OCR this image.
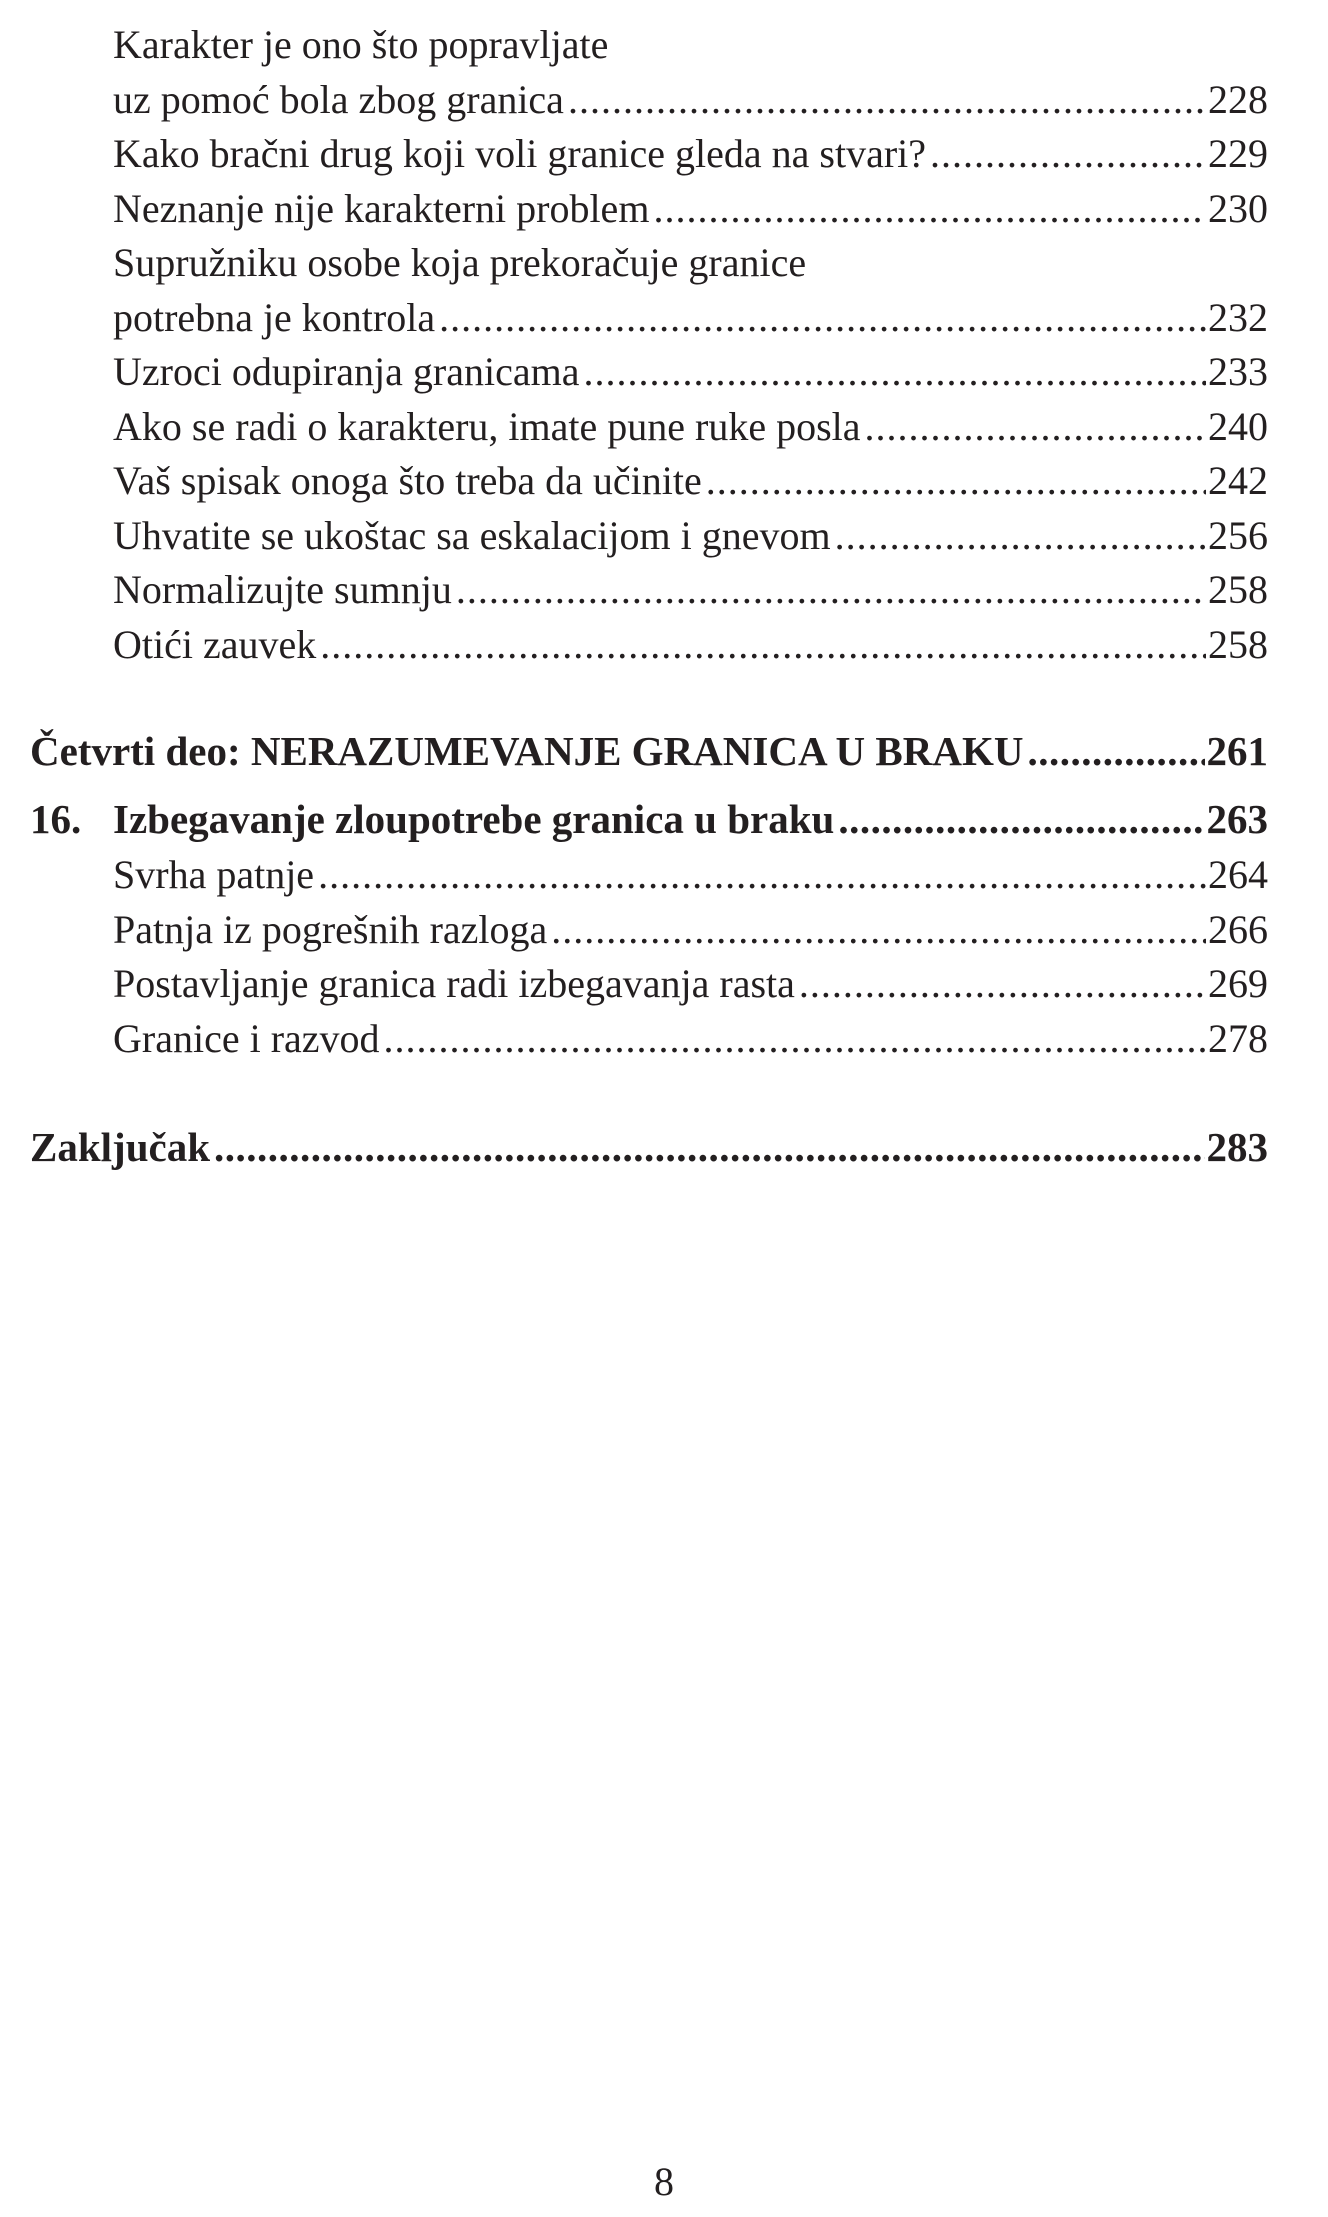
Karakter je ono što popravljate
uz pomoć bola zbog granica .....	228
Kako bračni drug koji voli granice gleda na stvari? .....	229
Neznanje nije karakterni problem .....	230
Supružniku osobe koja prekoračuje granice
potrebna je kontrola .....	232
Uzroci odupiranja granicama .....	233
Ako se radi o karakteru, imate pune ruke posla .....	240
Vaš spisak onoga što treba da učinite .....	242
Uhvatite se ukoštac sa eskalacijom i gnevom .....	256
Normalizujte sumnju .....	258
Otići zauvek .....	258
Četvrti deo: NERAZUMEVANJE GRANICA U BRAKU .....	261
16. Izbegavanje zloupotrebe granica u braku .....	263
Svrha patnje .....	264
Patnja iz pogrešnih razloga .....	266
Postavljanje granica radi izbegavanja rasta .....	269
Granice i razvod .....	278
Zaključak .....	283
8
